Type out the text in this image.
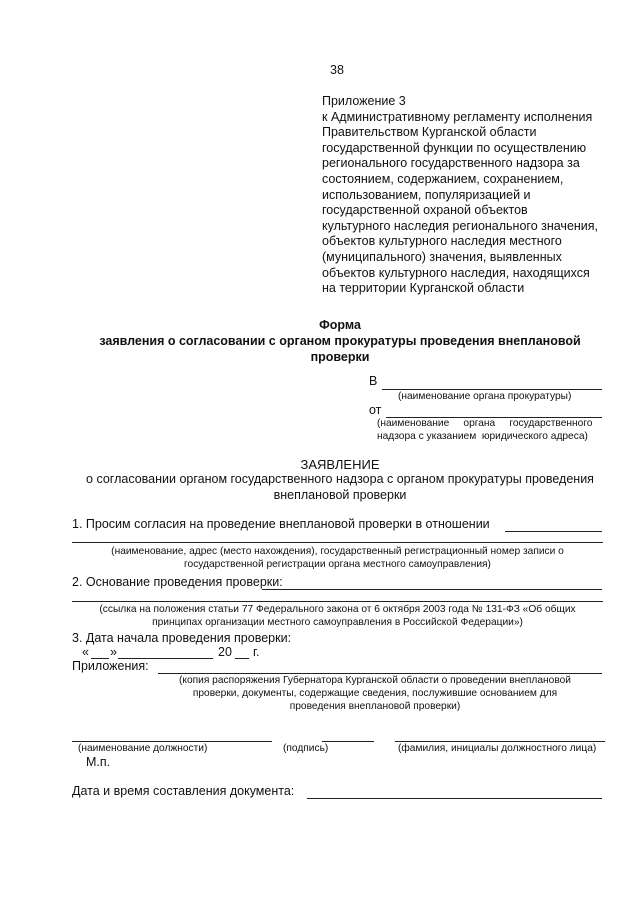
38
Приложение 3
к Административному регламенту исполнения
Правительством Курганской области
государственной функции по осуществлению
регионального государственного надзора за
состоянием, содержанием, сохранением,
использованием, популяризацией и
государственной охраной объектов
культурного наследия регионального значения,
объектов культурного наследия местного
(муниципального) значения, выявленных
объектов культурного наследия, находящихся
на территории Курганской области
Форма
заявления о согласовании с органом прокуратуры проведения внеплановой проверки
В
(наименование органа прокуратуры)
от
(наименование     органа     государственного
надзора с указанием  юридического адреса)
ЗАЯВЛЕНИЕ
о согласовании органом государственного надзора с органом прокуратуры проведения внеплановой проверки
1. Просим согласия на проведение внеплановой проверки в отношении
(наименование, адрес (место нахождения), государственный регистрационный номер записи о
государственной регистрации органа местного самоуправления)
2. Основание проведения проверки:
(ссылка на положения статьи 77 Федерального закона от 6 октября 2003 года № 131-ФЗ «Об общих
принципах организации местного самоуправления в Российской Федерации»)
3. Дата начала проведения проверки:
« »	20 г.
Приложения:
(копия распоряжения Губернатора Курганской области о проведении внеплановой
проверки, документы, содержащие сведения, послужившие основанием для
проведения внеплановой проверки)
(наименование должности)	(подпись)	(фамилия, инициалы должностного лица)
М.п.
Дата и время составления документа:
